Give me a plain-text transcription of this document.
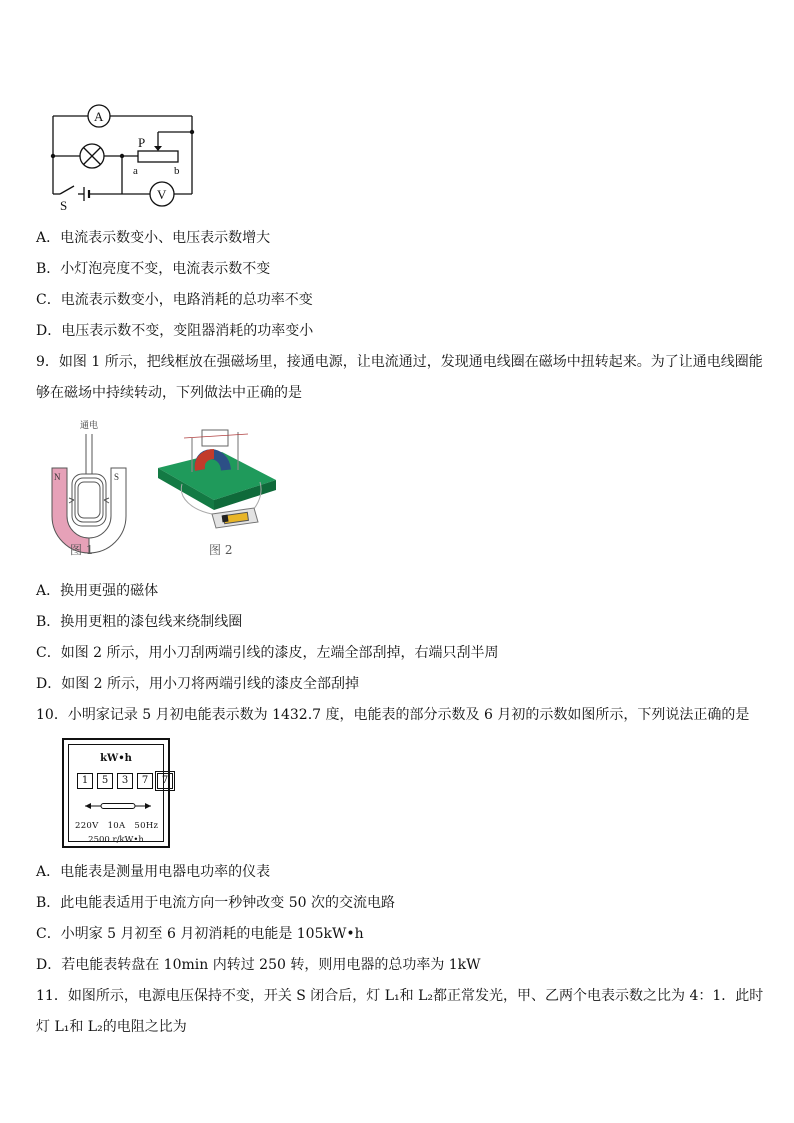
A
V
P
a	b
S
A．电流表示数变小、电压表示数增大
B．小灯泡亮度不变，电流表示数不变
C．电流表示数变小，电路消耗的总功率不变
D．电压表示数不变，变阻器消耗的功率变小
9．如图 1 所示，把线框放在强磁场里，接通电源，让电流通过，发现通电线圈在磁场中扭转起来。为了让通电线圈能
够在磁场中持续转动，下列做法中正确的是
通电
N	S
图 1	图 2
A．换用更强的磁体
B．换用更粗的漆包线来绕制线圈
C．如图 2 所示，用小刀刮两端引线的漆皮，左端全部刮掉，右端只刮半周
D．如图 2 所示，用小刀将两端引线的漆皮全部刮掉
10．小明家记录 5 月初电能表示数为 1432.7 度，电能表的部分示数及 6 月初的示数如图所示，下列说法正确的是
kW•h
1	5	3	7	7
220V   10A   50Hz
2500 r/kW•h
A．电能表是测量用电器电功率的仪表
B．此电能表适用于电流方向一秒钟改变 50 次的交流电路
C．小明家 5 月初至 6 月初消耗的电能是 105kW•h
D．若电能表转盘在 10min 内转过 250 转，则用电器的总功率为 1kW
11．如图所示，电源电压保持不变，开关 S 闭合后，灯 L₁和 L₂都正常发光，甲、乙两个电表示数之比为 4：1．此时
灯 L₁和 L₂的电阻之比为
